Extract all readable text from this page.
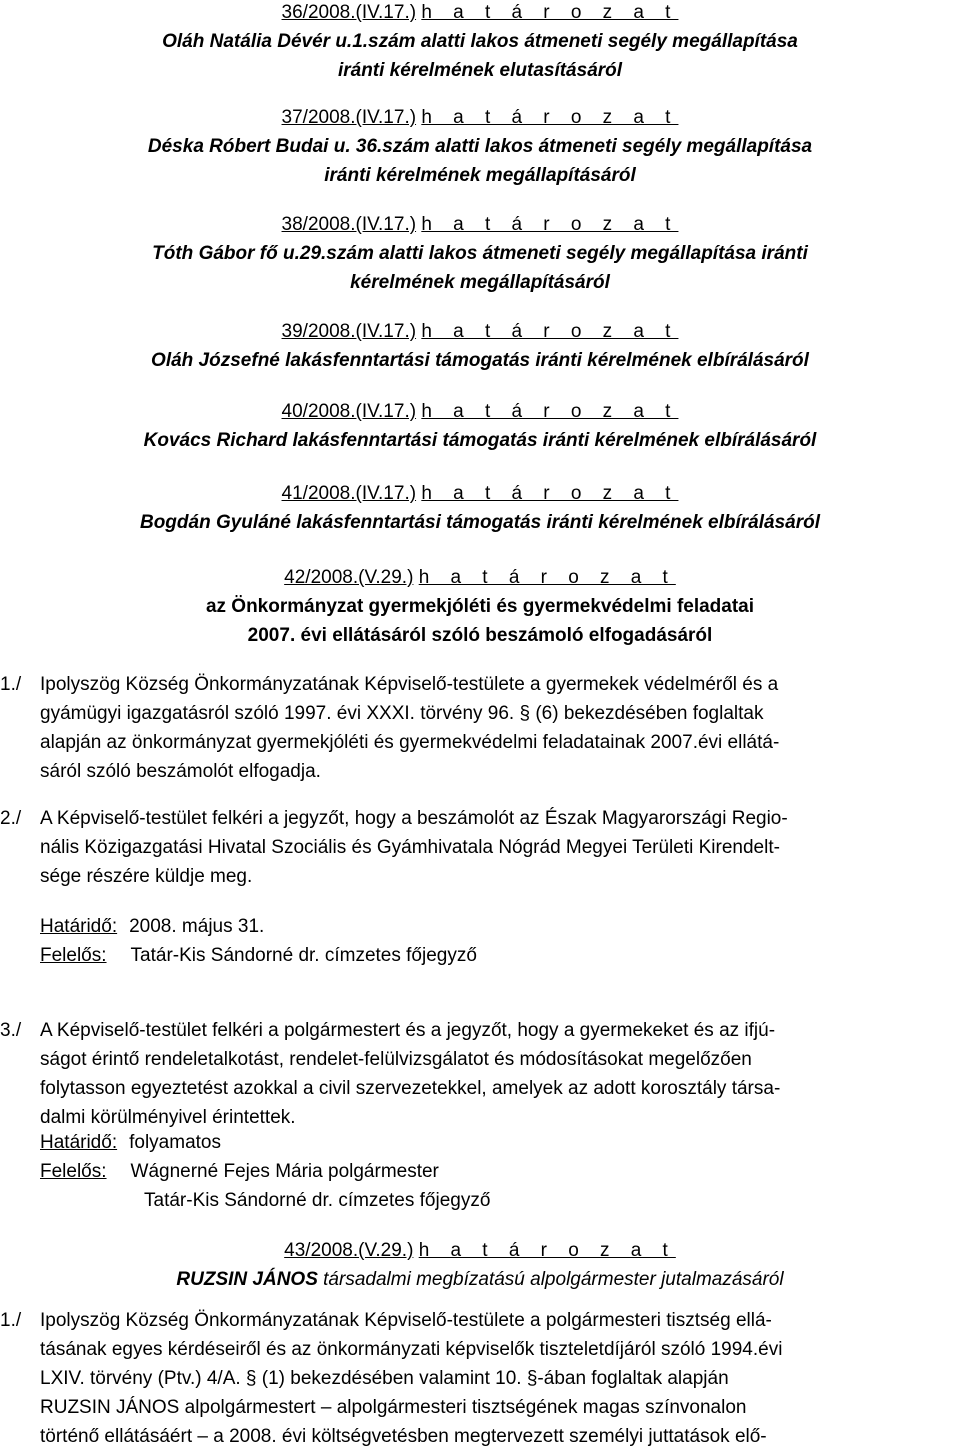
36/2008.(IV.17.) h a t á r o z a t
Oláh Natália Dévér u.1.szám alatti lakos átmeneti segély megállapítása
iránti kérelmének elutasításáról
37/2008.(IV.17.) h a t á r o z a t
Déska Róbert Budai u. 36.szám alatti lakos átmeneti segély megállapítása
iránti kérelmének megállapításáról
38/2008.(IV.17.) h a t á r o z a t
Tóth Gábor fő u.29.szám alatti lakos átmeneti segély megállapítása iránti
kérelmének megállapításáról
39/2008.(IV.17.) h a t á r o z a t
Oláh Józsefné lakásfenntartási támogatás iránti kérelmének elbírálásáról
40/2008.(IV.17.) h a t á r o z a t
Kovács Richard lakásfenntartási támogatás iránti kérelmének elbírálásáról
41/2008.(IV.17.) h a t á r o z a t
Bogdán Gyuláné lakásfenntartási támogatás iránti kérelmének elbírálásáról
42/2008.(V.29.) h a t á r o z a t
az Önkormányzat gyermekjóléti és gyermekvédelmi feladatai
2007. évi ellátásáról szóló beszámoló elfogadásáról
1./ Ipolyszög Község Önkormányzatának Képviselő-testülete a gyermekek védelméről és a
gyámügyi igazgatásról szóló 1997. évi XXXI. törvény 96. § (6) bekezdésében foglaltak
alapján az önkormányzat gyermekjóléti és gyermekvédelmi feladatainak 2007.évi ellátá-
sáról szóló beszámolót elfogadja.
2./ A Képviselő-testület felkéri a jegyzőt, hogy a beszámolót az Észak Magyarországi Regio-
nális Közigazgatási Hivatal Szociális és Gyámhivatala Nógrád Megyei Területi Kirendelt-
sége részére küldje meg.
Határidő: 2008. május 31.
Felelős: Tatár-Kis Sándorné dr. címzetes főjegyző
3./ A Képviselő-testület felkéri a polgármestert és a jegyzőt, hogy a gyermekeket és az ifjú-
ságot érintő rendeletalkotást, rendelet-felülvizsgálatot és módosításokat megelőzően
folytasson egyeztetést azokkal a civil szervezetekkel, amelyek az adott korosztály társa-
dalmi körülményivel érintettek.
Határidő: folyamatos
Felelős: Wágnerné Fejes Mária polgármester
Tatár-Kis Sándorné dr. címzetes főjegyző
43/2008.(V.29.) h a t á r o z a t
RUZSIN JÁNOS társadalmi megbízatású alpolgármester jutalmazásáról
1./ Ipolyszög Község Önkormányzatának Képviselő-testülete a polgármesteri tisztség ellá-
tásának egyes kérdéseiről és az önkormányzati képviselők tiszteletdíjáról szóló 1994.évi
LXIV. törvény (Ptv.) 4/A. § (1) bekezdésében valamint 10. §-ában foglaltak alapján
RUZSIN JÁNOS alpolgármestert – alpolgármesteri tisztségének magas színvonalon
történő ellátásáért – a 2008. évi költségvetésben megtervezett személyi juttatások elő-
